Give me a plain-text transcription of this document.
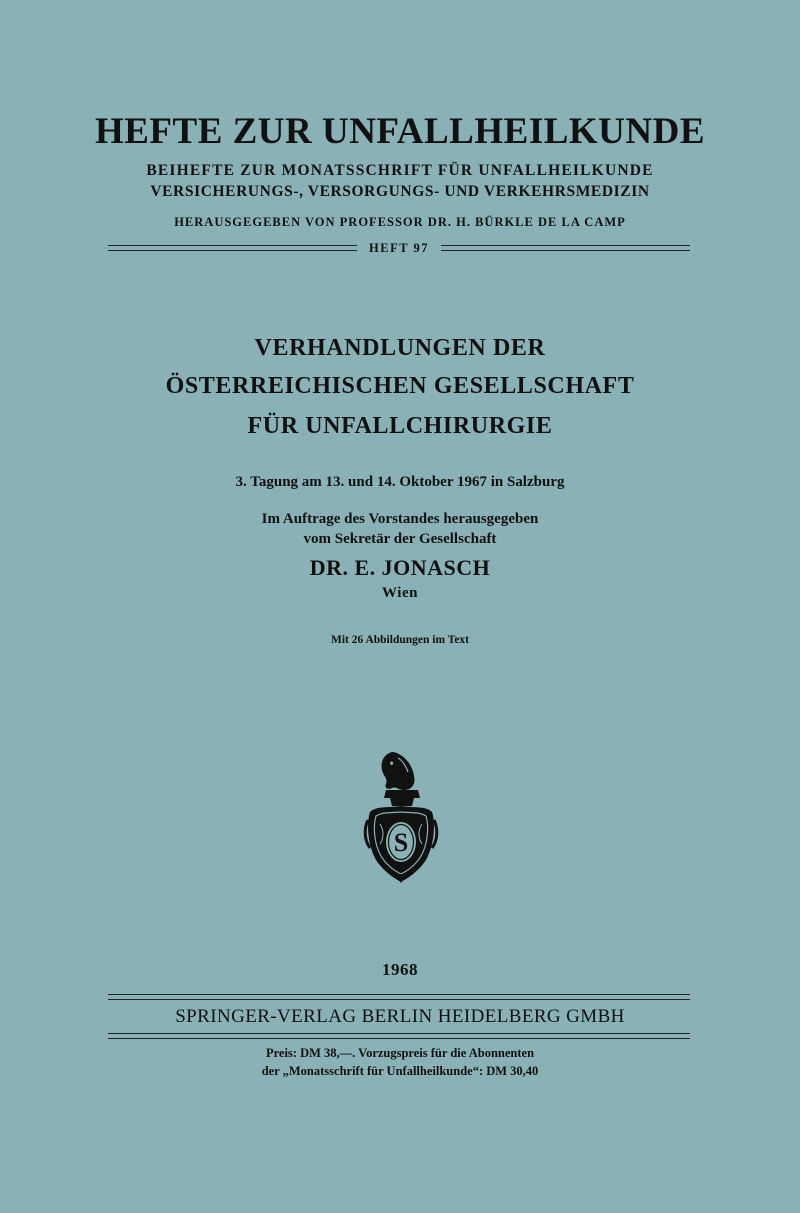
HEFTE ZUR UNFALLHEILKUNDE
BEIHEFTE ZUR MONATSSCHRIFT FÜR UNFALLHEILKUNDE
VERSICHERUNGS-, VERSORGUNGS- UND VERKEHRSMEDIZIN
HERAUSGEGEBEN VON PROFESSOR DR. H. BÜRKLE DE LA CAMP
HEFT 97
VERHANDLUNGEN DER
ÖSTERREICHISCHEN GESELLSCHAFT
FÜR UNFALLCHIRURGIE
3. Tagung am 13. und 14. Oktober 1967 in Salzburg
Im Auftrage des Vorstandes herausgegeben
vom Sekretär der Gesellschaft
DR. E. JONASCH
Wien
Mit 26 Abbildungen im Text
S
1968
SPRINGER-VERLAG BERLIN HEIDELBERG GMBH
Preis: DM 38,—. Vorzugspreis für die Abonnenten
der „Monatsschrift für Unfallheilkunde“: DM 30,40
